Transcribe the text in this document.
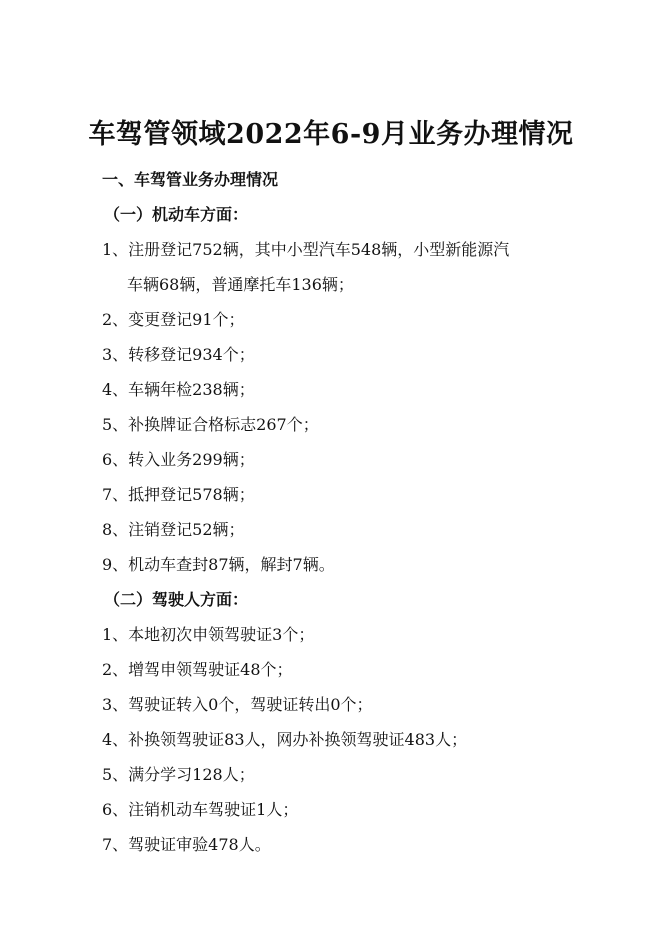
车驾管领域2022年6-9月业务办理情况
一、车驾管业务办理情况
（一）机动车方面：
1、注册登记752辆，其中小型汽车548辆，小型新能源汽
车辆68辆，普通摩托车136辆；
2、变更登记91个；
3、转移登记934个；
4、车辆年检238辆；
5、补换牌证合格标志267个；
6、转入业务299辆；
7、抵押登记578辆；
8、注销登记52辆；
9、机动车查封87辆，解封7辆。
（二）驾驶人方面：
1、本地初次申领驾驶证3个；
2、增驾申领驾驶证48个；
3、驾驶证转入0个，驾驶证转出0个；
4、补换领驾驶证83人，网办补换领驾驶证483人；
5、满分学习128人；
6、注销机动车驾驶证1人；
7、驾驶证审验478人。
